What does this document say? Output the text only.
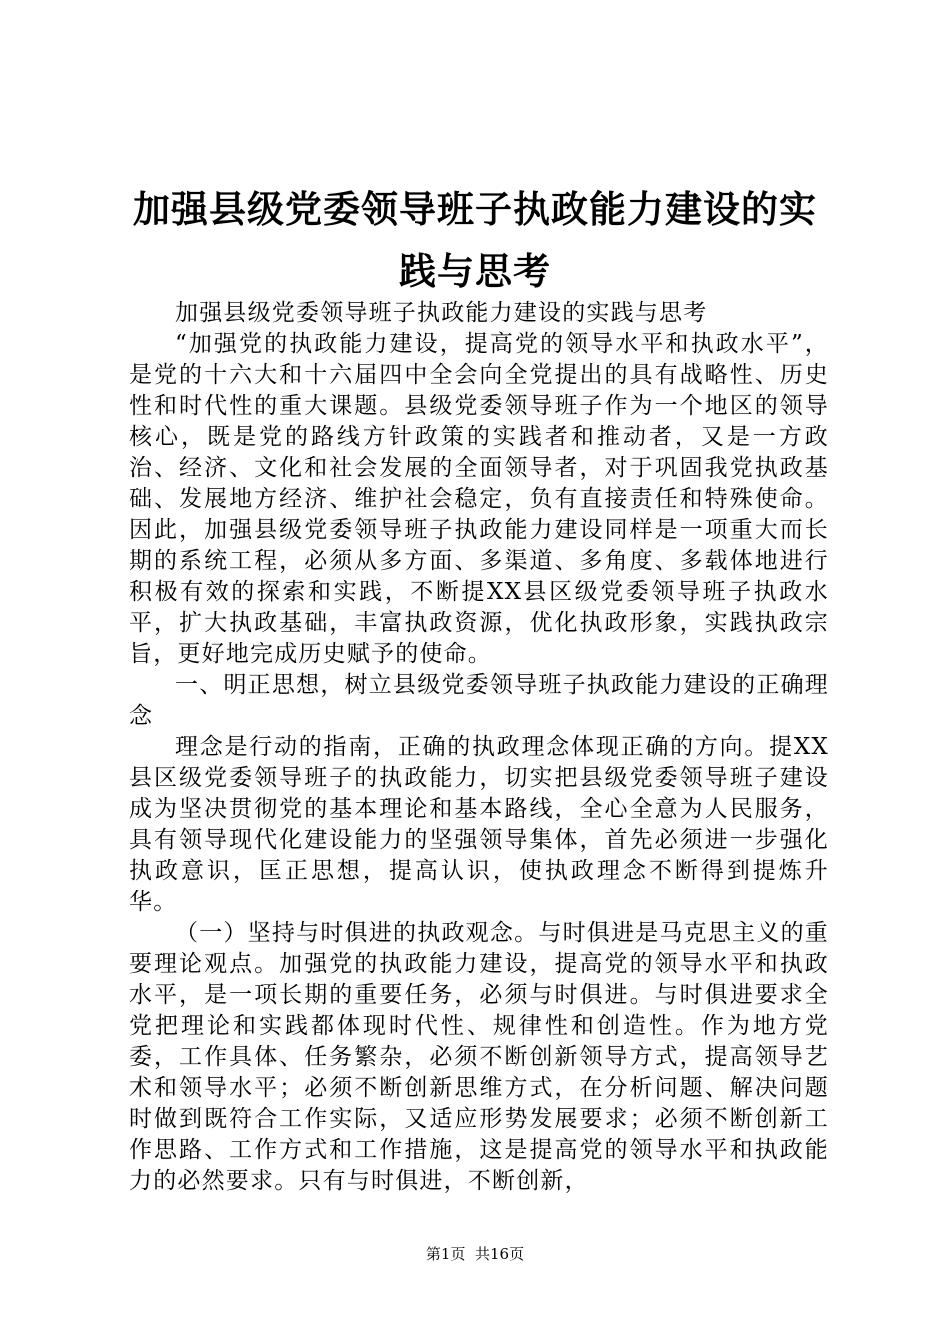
加强县级党委领导班子执政能力建设的实践与思考

加强县级党委领导班子执政能力建设的实践与思考

“加强党的执政能力建设，提高党的领导水平和执政水平”，是党的十六大和十六届四中全会向全党提出的具有战略性、历史性和时代性的重大课题。县级党委领导班子作为一个地区的领导核心，既是党的路线方针政策的实践者和推动者，又是一方政治、经济、文化和社会发展的全面领导者，对于巩固我党执政基础、发展地方经济、维护社会稳定，负有直接责任和特殊使命。因此，加强县级党委领导班子执政能力建设同样是一项重大而长期的系统工程，必须从多方面、多渠道、多角度、多载体地进行积极有效的探索和实践，不断提XX县区级党委领导班子执政水平，扩大执政基础，丰富执政资源，优化执政形象，实践执政宗旨，更好地完成历史赋予的使命。

一、明正思想，树立县级党委领导班子执政能力建设的正确理念

理念是行动的指南，正确的执政理念体现正确的方向。提XX县区级党委领导班子的执政能力，切实把县级党委领导班子建设成为坚决贯彻党的基本理论和基本路线，全心全意为人民服务，具有领导现代化建设能力的坚强领导集体，首先必须进一步强化执政意识，匡正思想，提高认识，使执政理念不断得到提炼升华。

（一）坚持与时俱进的执政观念。与时俱进是马克思主义的重要理论观点。加强党的执政能力建设，提高党的领导水平和执政水平，是一项长期的重要任务，必须与时俱进。与时俱进要求全党把理论和实践都体现时代性、规律性和创造性。作为地方党委，工作具体、任务繁杂，必须不断创新领导方式，提高领导艺术和领导水平；必须不断创新思维方式，在分析问题、解决问题时做到既符合工作实际，又适应形势发展要求；必须不断创新工作思路、工作方式和工作措施，这是提高党的领导水平和执政能力的必然要求。只有与时俱进，不断创新，

第1页  共16页
